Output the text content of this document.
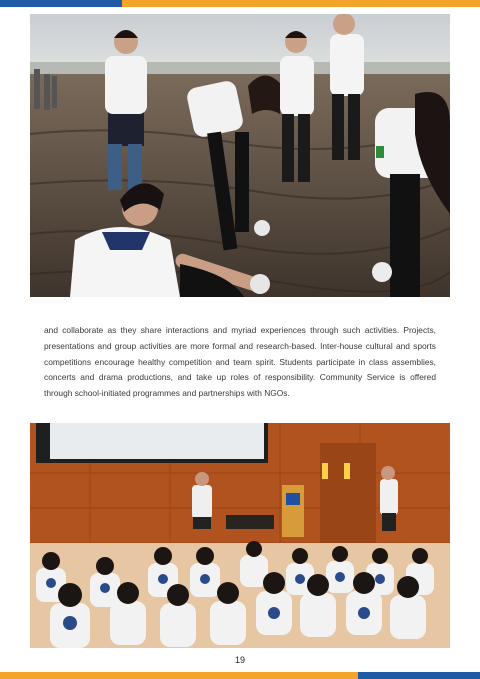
and collaborate as they share interactions and myriad experiences through such activities. Projects, presentations and group activities are more formal and research-based. Inter-house cultural and sports competitions encourage healthy competition and team spirit. Students participate in class assemblies, concerts and drama productions, and take up roles of responsibility. Community Service is offered through school-initiated programmes and partnerships with NGOs.

19
